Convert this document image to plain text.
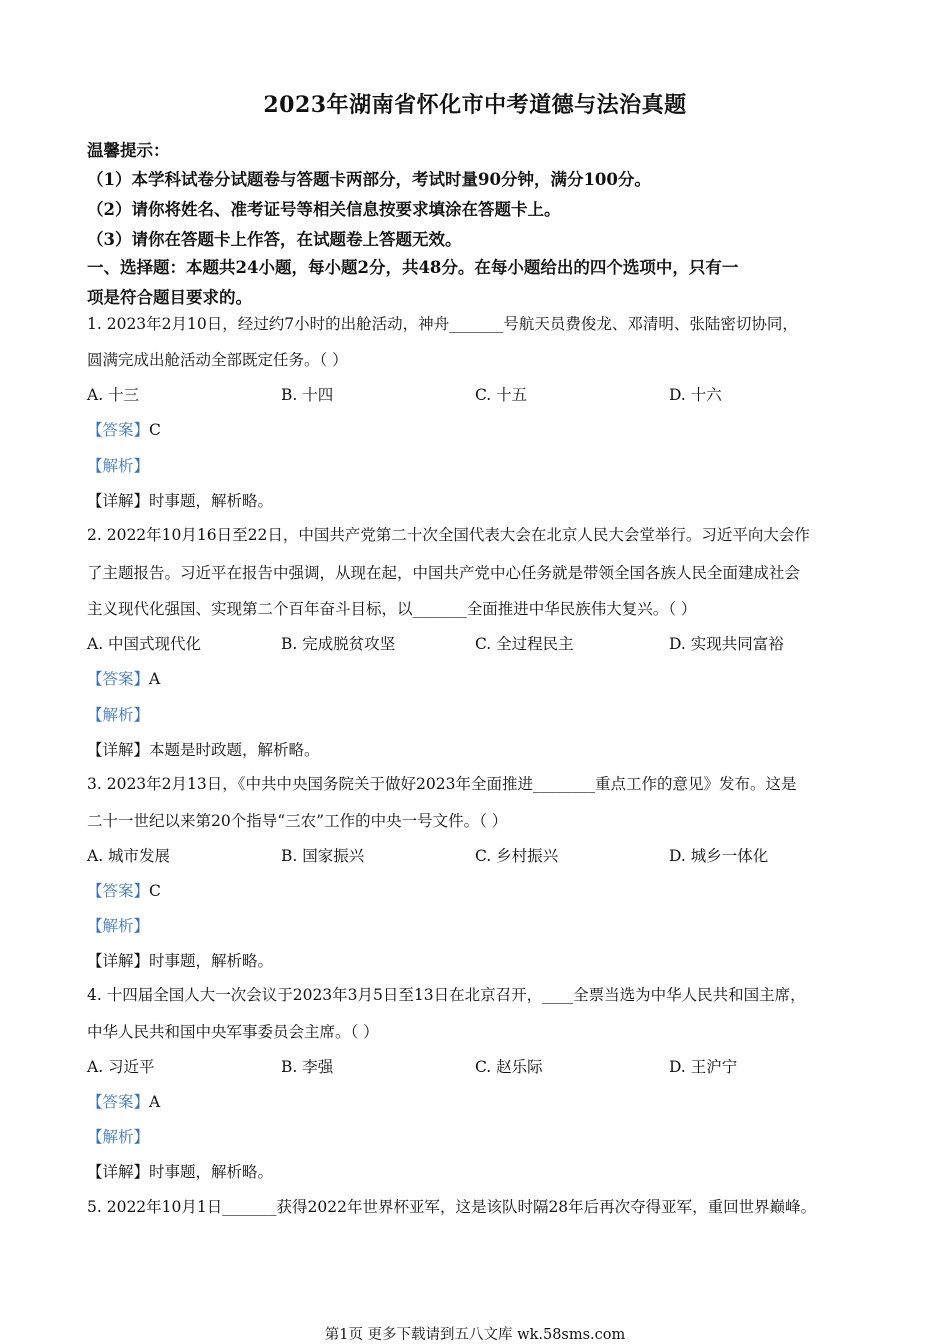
2023年湖南省怀化市中考道德与法治真题
温馨提示：
（1）本学科试卷分试题卷与答题卡两部分，考试时量90分钟，满分100分。
（2）请你将姓名、准考证号等相关信息按要求填涂在答题卡上。
（3）请你在答题卡上作答，在试题卷上答题无效。
一、选择题：本题共24小题，每小题2分，共48分。在每小题给出的四个选项中，只有一
项是符合题目要求的。
1. 2023年2月10日，经过约7小时的出舱活动，神舟_______号航天员费俊龙、邓清明、张陆密切协同，
圆满完成出舱活动全部既定任务。（ ）
A. 十三	B. 十四	C. 十五	D. 十六
【答案】C
【解析】
【详解】时事题，解析略。
2. 2022年10月16日至22日，中国共产党第二十次全国代表大会在北京人民大会堂举行。习近平向大会作
了主题报告。习近平在报告中强调，从现在起，中国共产党中心任务就是带领全国各族人民全面建成社会
主义现代化强国、实现第二个百年奋斗目标，以_______全面推进中华民族伟大复兴。（ ）
A. 中国式现代化	B. 完成脱贫攻坚	C. 全过程民主	D. 实现共同富裕
【答案】A
【解析】
【详解】本题是时政题，解析略。
3. 2023年2月13日，《中共中央国务院关于做好2023年全面推进________重点工作的意见》发布。这是
二十一世纪以来第20个指导“三农”工作的中央一号文件。（ ）
A. 城市发展	B. 国家振兴	C. 乡村振兴	D. 城乡一体化
【答案】C
【解析】
【详解】时事题，解析略。
4. 十四届全国人大一次会议于2023年3月5日至13日在北京召开，____全票当选为中华人民共和国主席，
中华人民共和国中央军事委员会主席。（ ）
A. 习近平	B. 李强	C. 赵乐际	D. 王沪宁
【答案】A
【解析】
【详解】时事题，解析略。
5. 2022年10月1日_______获得2022年世界杯亚军，这是该队时隔28年后再次夺得亚军，重回世界巅峰。
第1页 更多下载请到五八文库 wk.58sms.com
